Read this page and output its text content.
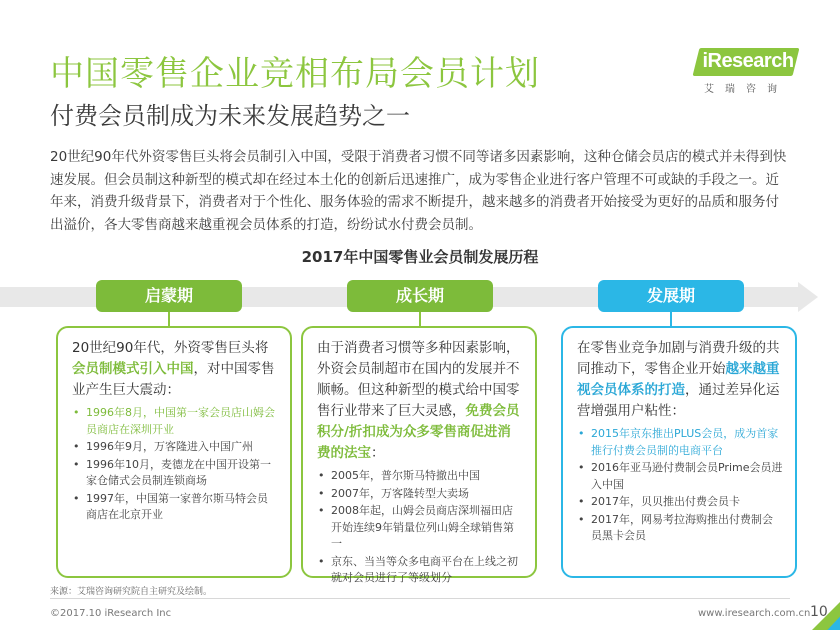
中国零售企业竞相布局会员计划
付费会员制成为未来发展趋势之一
iResearch
艾瑞咨询
20世纪90年代外资零售巨头将会员制引入中国，受限于消费者习惯不同等诸多因素影响，这种仓储会员店的模式并未得到快速发展。但会员制这种新型的模式却在经过本土化的创新后迅速推广，成为零售企业进行客户管理不可或缺的手段之一。近年来，消费升级背景下，消费者对于个性化、服务体验的需求不断提升，越来越多的消费者开始接受为更好的品质和服务付出溢价，各大零售商越来越重视会员体系的打造，纷纷试水付费会员制。
2017年中国零售业会员制发展历程
启蒙期	成长期	发展期
20世纪90年代，外资零售巨头将会员制模式引入中国，对中国零售业产生巨大震动：
• 1996年8月，中国第一家会员店山姆会员商店在深圳开业
• 1996年9月，万客隆进入中国广州
• 1996年10月，麦德龙在中国开设第一家仓储式会员制连锁商场
• 1997年，中国第一家普尔斯马特会员商店在北京开业
由于消费者习惯等多种因素影响，外资会员制超市在国内的发展并不顺畅。但这种新型的模式给中国零售行业带来了巨大灵感，免费会员积分/折扣成为众多零售商促进消费的法宝：
• 2005年，普尔斯马特撤出中国
• 2007年，万客隆转型大卖场
• 2008年起，山姆会员商店深圳福田店开始连续9年销量位列山姆全球销售第一
• 京东、当当等众多电商平台在上线之初就对会员进行了等级划分
在零售业竞争加剧与消费升级的共同推动下，零售企业开始越来越重视会员体系的打造，通过差异化运营增强用户粘性：
• 2015年京东推出PLUS会员，成为首家推行付费会员制的电商平台
• 2016年亚马逊付费制会员Prime会员进入中国
• 2017年，贝贝推出付费会员卡
• 2017年，网易考拉海购推出付费制会员黑卡会员
来源：艾瑞咨询研究院自主研究及绘制。
©2017.10 iResearch Inc	www.iresearch.com.cn 10
